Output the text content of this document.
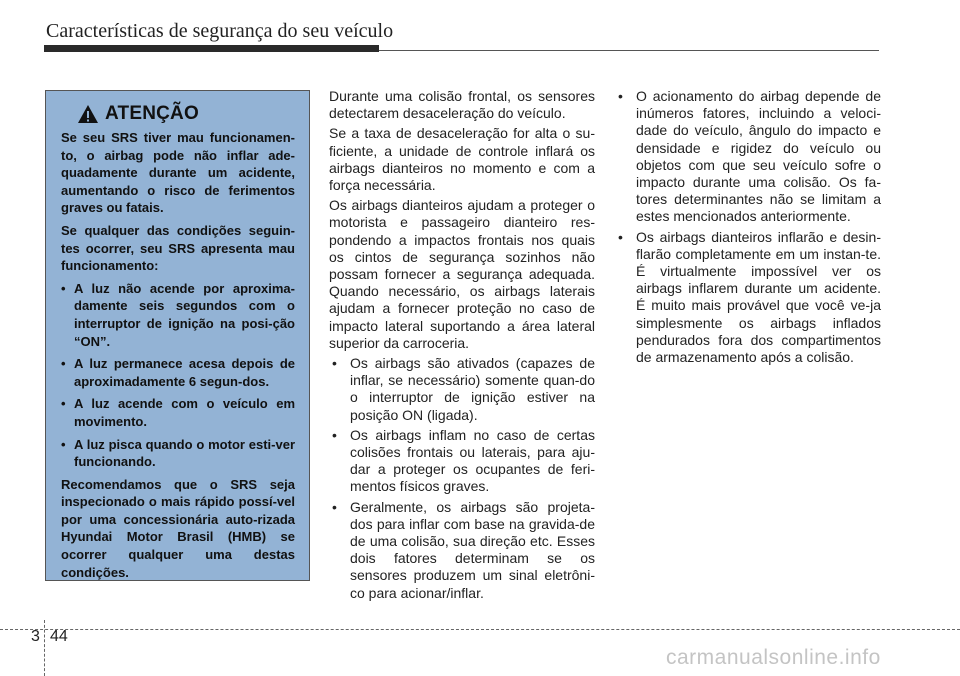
Características de segurança do seu veículo
ATENÇÃO

Se seu SRS tiver mau funcionamen-to, o airbag pode não inflar ade-quadamente durante um acidente, aumentando o risco de ferimentos graves ou fatais.

Se qualquer das condições seguin-tes ocorrer, seu SRS apresenta mau funcionamento:

• A luz não acende por aproxima-damente seis segundos com o interruptor de ignição na posi-ção “ON”.
• A luz permanece acesa depois de aproximadamente 6 segun-dos.
• A luz acende com o veículo em movimento.
• A luz pisca quando o motor esti-ver funcionando.

Recomendamos que o SRS seja inspecionado o mais rápido possí-vel por uma concessionária auto-rizada Hyundai Motor Brasil (HMB) se ocorrer qualquer uma destas condições.

Durante uma colisão frontal, os sensores detectarem desaceleração do veículo.

Se a taxa de desaceleração for alta o su-ficiente, a unidade de controle inflará os airbags dianteiros no momento e com a força necessária.

Os airbags dianteiros ajudam a proteger o motorista e passageiro dianteiro res-pondendo a impactos frontais nos quais os cintos de segurança sozinhos não possam fornecer a segurança adequada. Quando necessário, os airbags laterais ajudam a fornecer proteção no caso de impacto lateral suportando a área lateral superior da carroceria.

• Os airbags são ativados (capazes de inflar, se necessário) somente quan-do o interruptor de ignição estiver na posição ON (ligada).
• Os airbags inflam no caso de certas colisões frontais ou laterais, para aju-dar a proteger os ocupantes de feri-mentos físicos graves.
• Geralmente, os airbags são projeta-dos para inflar com base na gravida-de de uma colisão, sua direção etc. Esses dois fatores determinam se os sensores produzem um sinal eletrôni-co para acionar/inflar.
• O acionamento do airbag depende de inúmeros fatores, incluindo a veloci-dade do veículo, ângulo do impacto e densidade e rigidez do veículo ou objetos com que seu veículo sofre o impacto durante uma colisão. Os fa-tores determinantes não se limitam a estes mencionados anteriormente.
• Os airbags dianteiros inflarão e desin-flarão completamente em um instan-te. É virtualmente impossível ver os airbags inflarem durante um acidente. É muito mais provável que você ve-ja simplesmente os airbags inflados pendurados fora dos compartimentos de armazenamento após a colisão.
3 44
carmanualsonline.info
